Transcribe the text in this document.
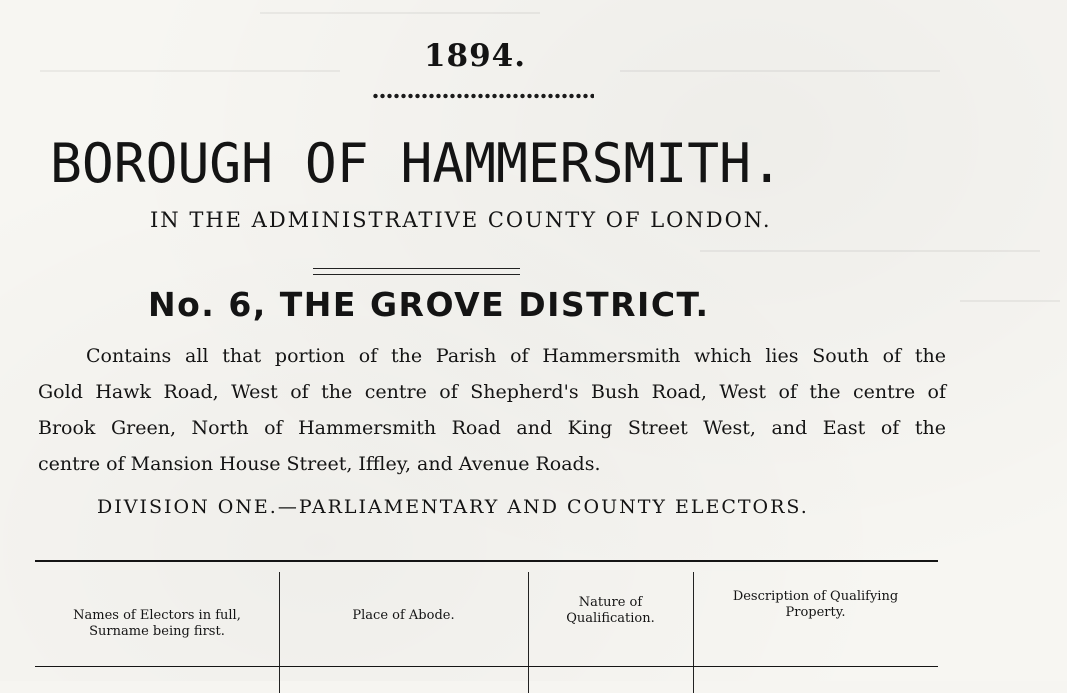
1894.
BOROUGH OF HAMMERSMITH.
IN THE ADMINISTRATIVE COUNTY OF LONDON.
No. 6, THE GROVE DISTRICT.
Contains all that portion of the Parish of Hammersmith which lies South of the
Gold Hawk Road, West of the centre of Shepherd's Bush Road, West of the centre of
Brook Green, North of Hammersmith Road and King Street West, and East of the
centre of Mansion House Street, Iffley, and Avenue Roads.
DIVISION ONE.—PARLIAMENTARY AND COUNTY ELECTORS.
Names of Electors in full,
Surname being first.
Place of Abode.
Nature of
Qualification.
Description of Qualifying
Property.
